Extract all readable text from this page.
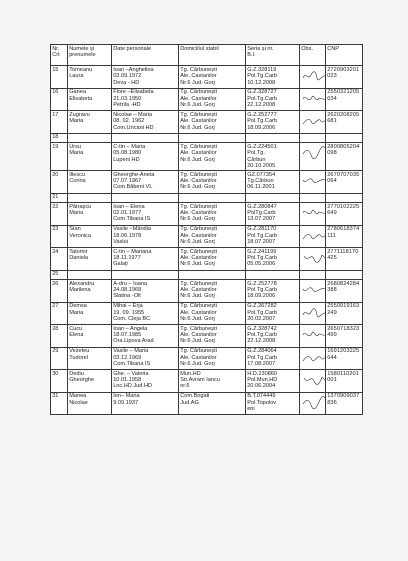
Nr.
Crt	Numele și
prenumele	Date personale	Domiciliul stabil	Seria și nr.
B.I.	Obs.	CNP
15	Tomeanu
Laura	Ioan –Anghelina
03.09.1972
Deva - HD	Tg. Cărbunești
Ale. Castanilor
Nr.6 Jud. Gorj	G.Z.328119
Pol.Tg.Carb
10.12.2008		2720903201023
16	Ganea
Elisabeta	Flore –Elisabeta
21.03.1950
Petrila -HD	Tg. Cărbunești
Ale. Castanilor
Nr.6 Jud. Gorj	G.Z.328727
Pol.Tg.Carb
22.12.2008		2550321205034
17	Zugravu
Maria	Nicolae – Maria
08. 02. 1962
Com.Uricani HD	Tg. Cărbunești
Ale. Castanilor
Nr.6 Jud. Gorj	G.Z.252777
Pol.Tg.Carb
18.09.2006		2620208205681
18						
19	Ursu
Maria	C-tin – Maria
05.08.1980
Lupeni HD	Tg. Cărbunești
Ale. Castanilor
Nr.6 Jud. Gorj	G.Z.224501
Pol.Tg.
Cărbun
20.10.2005		2800805204098
20	Illescu
Corina	Gheorghe-Aneta
07.07.1967
Com.Băbeni VL	Tg. Cărbunești
Ale. Castanilor
Nr.6 Jud. Gorj	GZ.077354
Tg.Cărbun
06.11.2001		2670707035064
21						
22	Pătrașcu
Maria	Ioan – Elena
02.01.1977
Com.Tibana IS	Tg. Cărbunești
Ale. Castanilor
Nr.6 Jud. Gorj	G.Z.280847
PolTg.Carb
13.07.2007		2770102225649
23	Stan
Veronica	Vasile –Mândia
18.06.1978
Vaslui	Tg. Cărbunești
Ale. Castanilor
Nr.6 Jud. Gorj	G.Z.281170
Pol.Tg.Carb
18.07.2007		2780618374111
24	Tatomir
Daniela	C-tin – Mariana
18.11.1977
Galați	Tg. Cărbunești
Ale. Castanilor
Nr.6 Jud. Gorj	G.Z.241199
Pol.Tg.Carb
05.05.2006		2771118170425
25						
26	Alexandru
Marilena	A-dru – Ioana
24.08.1968
Slatina -Olt	Tg. Cărbunești
Ale. Castanilor
Nr.6 Jud. Gorj	G.Z.252778
Pol.Tg.Carb
18.09.2006		2680824284388
27	Demsa
Maria	Mihai – Erja
19. 09. 1955
Com. Cleja BC	Tg. Cărbunești
Ale. Castanilor
Nr.6 Jud. Gorj	G.Z.267282
Pol.Tg.Carb
20.02.2007		2550919163249
28	Cucu
Elena	Ioan – Angela
18.07.1985
Ora.Lipova Arad	Tg. Cărbunești
Ale. Castanilor
Nr.6 Jud. Gorj	G.Z.328742
Pol.Tg.Carb
22.12.2008		2650718323499
29	Vezeteu
Tudorel	Vasile – Maria
03.12.1969
Com.Tibana IS	Tg. Cărbunești
Ale. Castanilor
Nr.6 Jud. Gorj	G.Z.284064
Pol.Tg.Carb
17.08.2007		1691203225644
30	Dediu
Gheorghe	Ghe. – Valeria
10.01.1958
Loc.HD.Jud.HD	Mun.HD
Str.Avram Iancu
nr.6	H.D.230860
Pol.Mun.HD
20.06.2004		1580110201001
31	Manea
Nicolae	Ion– Maria
9.09.1937	Com.Bogati
Jud.AG	B.T.074449
Pol.Topolov
eni		1370909037836
